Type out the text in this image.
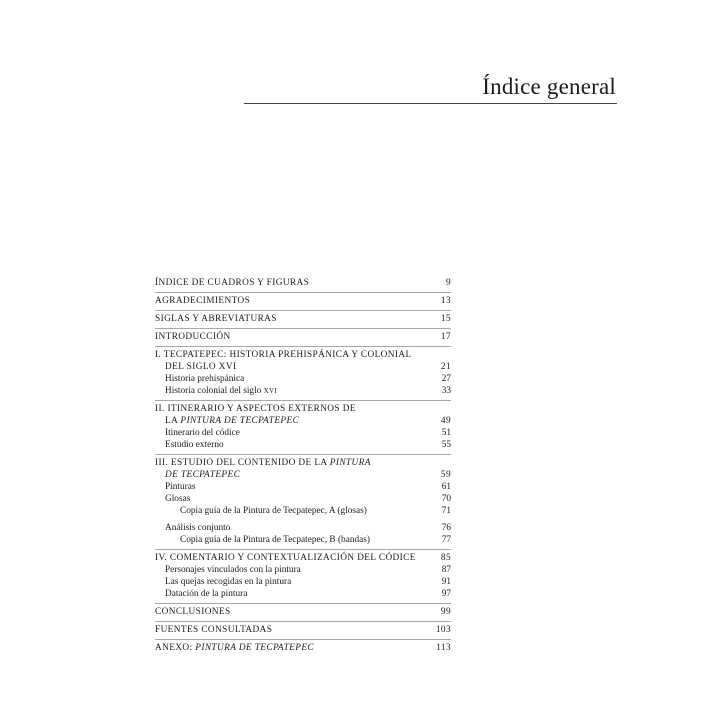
Índice general
ÍNDICE DE CUADROS Y FIGURAS	9
AGRADECIMIENTOS	13
SIGLAS Y ABREVIATURAS	15
INTRODUCCIÓN	17
I. TECPATEPEC: HISTORIA PREHISPÁNICA Y COLONIAL
DEL SIGLO XVI	21
Historia prehispánica	27
Historia colonial del siglo XVI	33
II. ITINERARIO Y ASPECTOS EXTERNOS DE
LA PINTURA DE TECPATEPEC	49
Itinerario del códice	51
Estudio externo	55
III. ESTUDIO DEL CONTENIDO DE LA PINTURA
DE TECPATEPEC	59
Pinturas	61
Glosas	70
Copia guía de la Pintura de Tecpatepec, A (glosas)	71
Análisis conjunto	76
Copia guía de la Pintura de Tecpatepec, B (bandas)	77
IV. COMENTARIO Y CONTEXTUALIZACIÓN DEL CÓDICE	85
Personajes vinculados con la pintura	87
Las quejas recogidas en la pintura	91
Datación de la pintura	97
CONCLUSIONES	99
FUENTES CONSULTADAS	103
ANEXO: PINTURA DE TECPATEPEC	113
